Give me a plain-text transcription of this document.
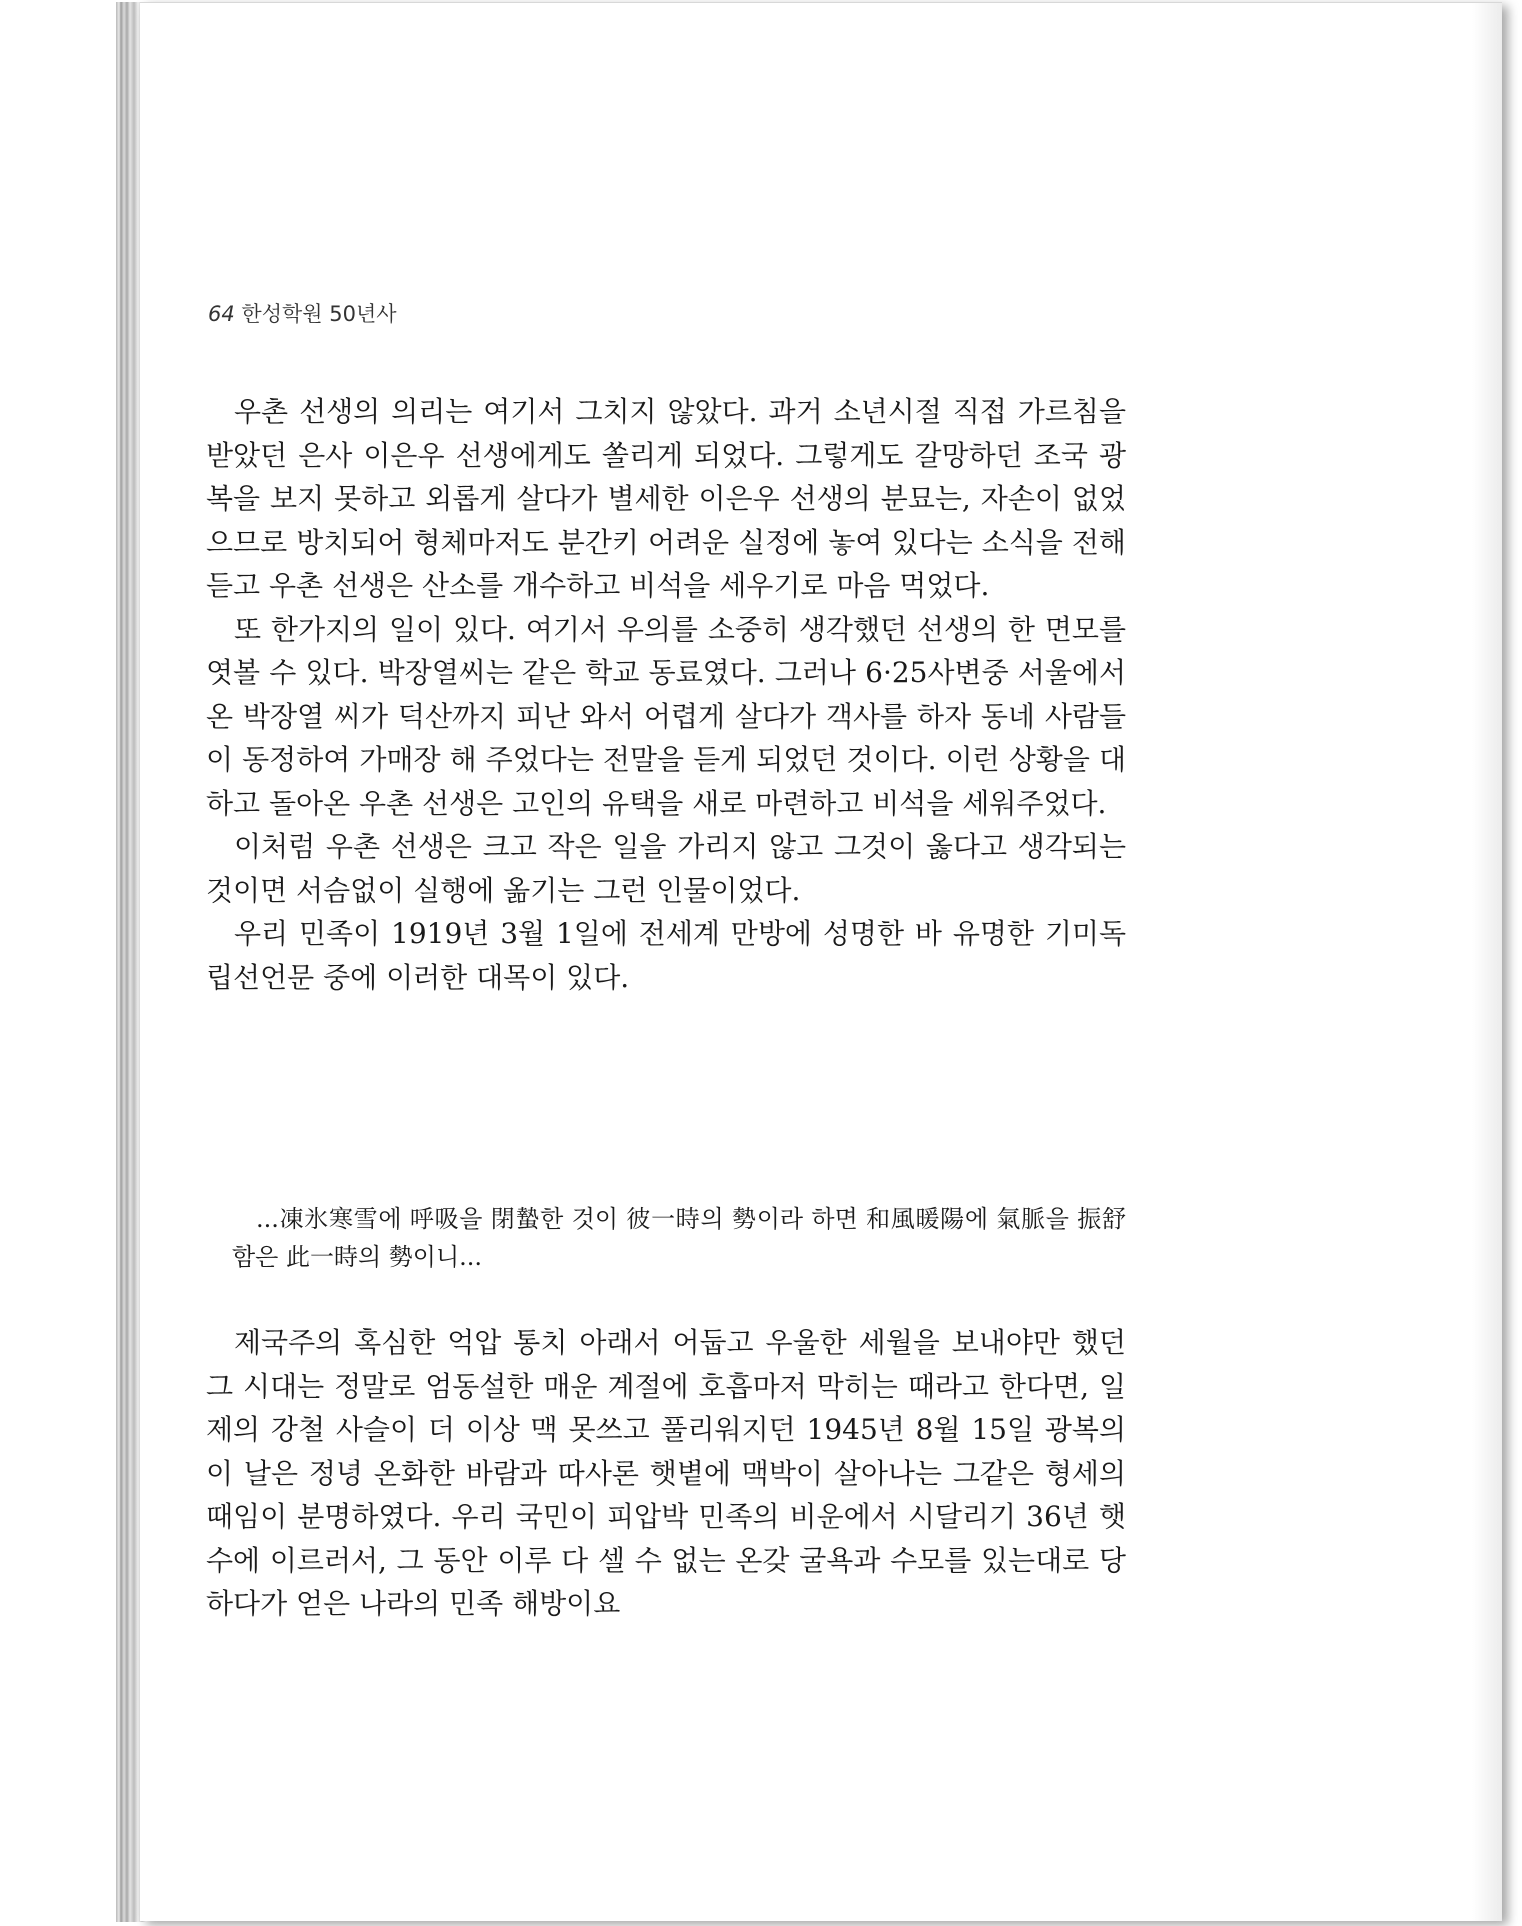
64 한성학원 50년사

우촌 선생의 의리는 여기서 그치지 않았다. 과거 소년시절 직접 가르침을 받았던 은사 이은우 선생에게도 쏠리게 되었다. 그렇게도 갈망하던 조국 광복을 보지 못하고 외롭게 살다가 별세한 이은우 선생의 분묘는, 자손이 없었으므로 방치되어 형체마저도 분간키 어려운 실정에 놓여 있다는 소식을 전해 듣고 우촌 선생은 산소를 개수하고 비석을 세우기로 마음 먹었다.

또 한가지의 일이 있다. 여기서 우의를 소중히 생각했던 선생의 한 면모를 엿볼 수 있다. 박장열씨는 같은 학교 동료였다. 그러나 6·25사변중 서울에서 온 박장열 씨가 덕산까지 피난 와서 어렵게 살다가 객사를 하자 동네 사람들이 동정하여 가매장 해 주었다는 전말을 듣게 되었던 것이다. 이런 상황을 대하고 돌아온 우촌 선생은 고인의 유택을 새로 마련하고 비석을 세워주었다.

이처럼 우촌 선생은 크고 작은 일을 가리지 않고 그것이 옳다고 생각되는 것이면 서슴없이 실행에 옮기는 그런 인물이었다.

우리 민족이 1919년 3월 1일에 전세계 만방에 성명한 바 유명한 기미독립선언문 중에 이러한 대목이 있다.

...凍氷寒雪에 呼吸을 閉蟄한 것이 彼一時의 勢이라 하면 和風暖陽에 氣脈을 振舒함은 此一時의 勢이니...

제국주의 혹심한 억압 통치 아래서 어둡고 우울한 세월을 보내야만 했던 그 시대는 정말로 엄동설한 매운 계절에 호흡마저 막히는 때라고 한다면, 일제의 강철 사슬이 더 이상 맥 못쓰고 풀리워지던 1945년 8월 15일 광복의 이 날은 정녕 온화한 바람과 따사론 햇볕에 맥박이 살아나는 그같은 형세의 때임이 분명하였다. 우리 국민이 피압박 민족의 비운에서 시달리기 36년 햇수에 이르러서, 그 동안 이루 다 셀 수 없는 온갖 굴욕과 수모를 있는대로 당하다가 얻은 나라의 민족 해방이요
